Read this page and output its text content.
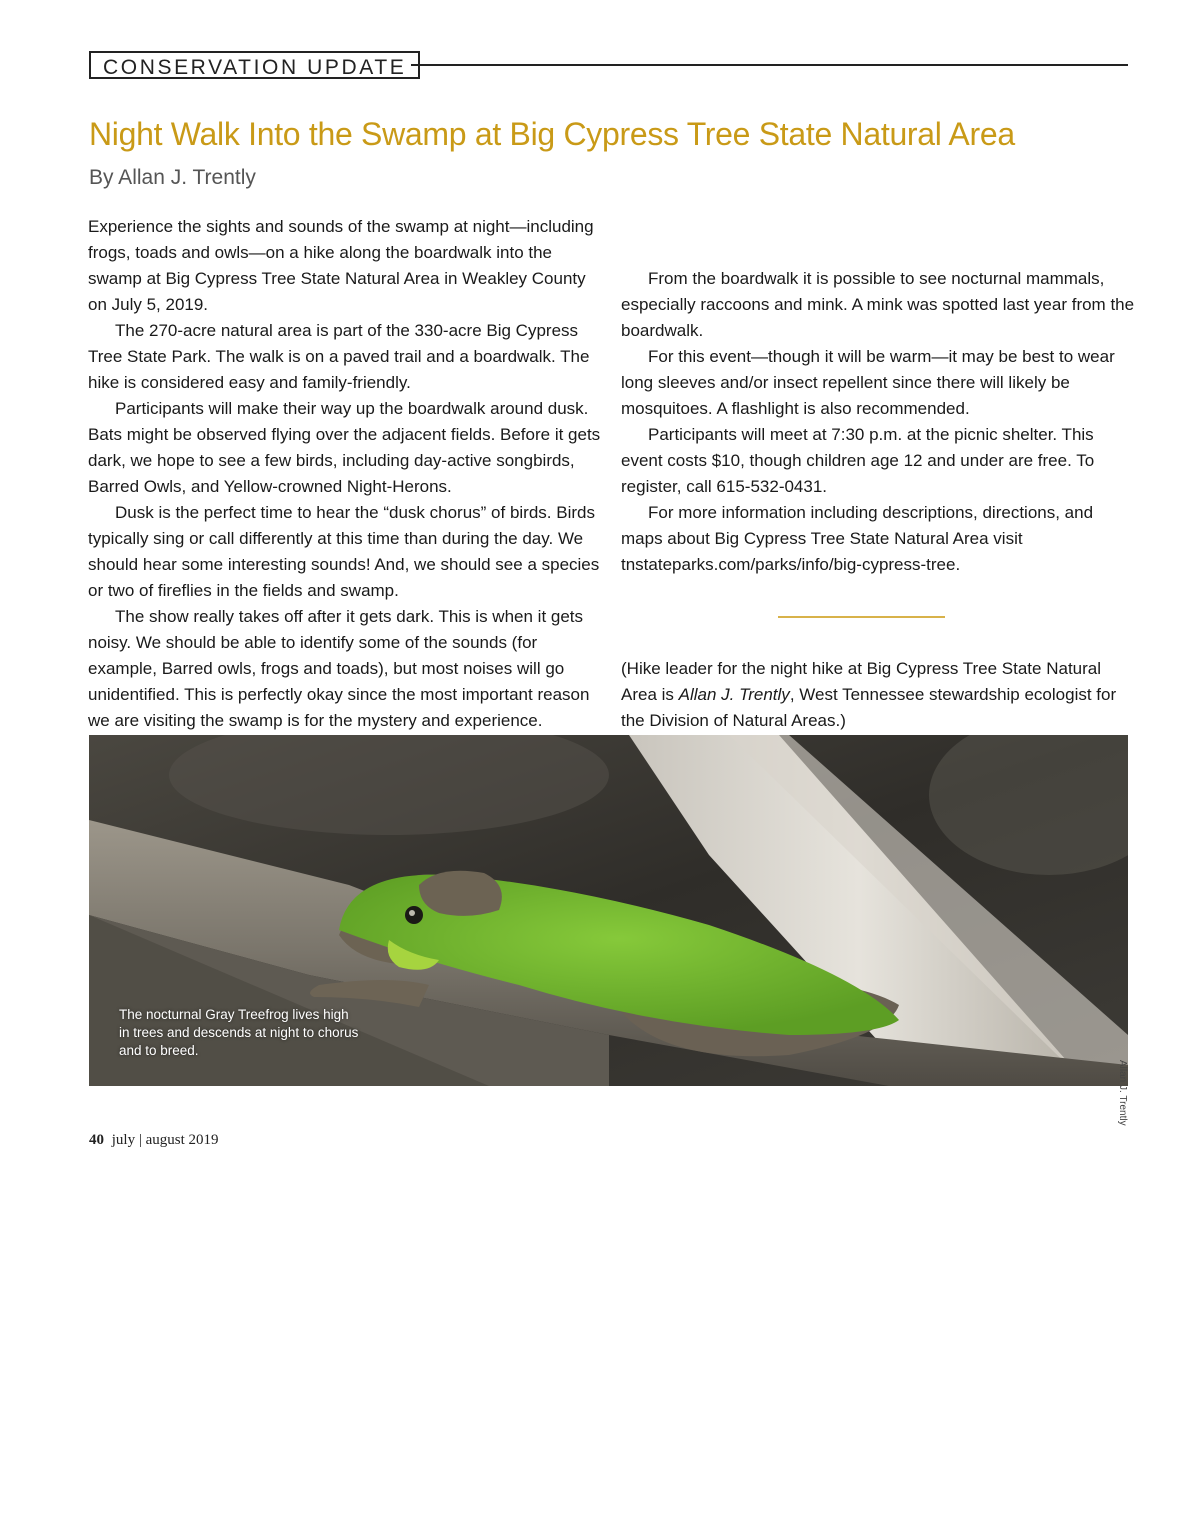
CONSERVATION UPDATE
Night Walk Into the Swamp at Big Cypress Tree State Natural Area
By Allan J. Trently

Experience the sights and sounds of the swamp at night—including frogs, toads and owls—on a hike along the boardwalk into the swamp at Big Cypress Tree State Natural Area in Weakley County on July 5, 2019.

The 270-acre natural area is part of the 330-acre Big Cypress Tree State Park. The walk is on a paved trail and a boardwalk. The hike is considered easy and family-friendly.

Participants will make their way up the boardwalk around dusk. Bats might be observed flying over the adjacent fields. Before it gets dark, we hope to see a few birds, including day-active songbirds, Barred Owls, and Yellow-crowned Night-Herons.

Dusk is the perfect time to hear the “dusk chorus” of birds. Birds typically sing or call differently at this time than during the day. We should hear some interesting sounds! And, we should see a species or two of fireflies in the fields and swamp.

The show really takes off after it gets dark. This is when it gets noisy. We should be able to identify some of the sounds (for example, Barred owls, frogs and toads), but most noises will go unidentified. This is perfectly okay since the most important reason we are visiting the swamp is for the mystery and experience.

From the boardwalk it is possible to see nocturnal mammals, especially raccoons and mink. A mink was spotted last year from the boardwalk.

For this event—though it will be warm—it may be best to wear long sleeves and/or insect repellent since there will likely be mosquitoes. A flashlight is also recommended.

Participants will meet at 7:30 p.m. at the picnic shelter. This event costs $10, though children age 12 and under are free. To register, call 615-532-0431.

For more information including descriptions, directions, and maps about Big Cypress Tree State Natural Area visit tnstateparks.com/parks/info/big-cypress-tree.

(Hike leader for the night hike at Big Cypress Tree State Natural Area is Allan J. Trently, West Tennessee stewardship ecologist for the Division of Natural Areas.)

The nocturnal Gray Treefrog lives high in trees and descends at night to chorus and to breed.
Allan J. Trently
40 july | august 2019
